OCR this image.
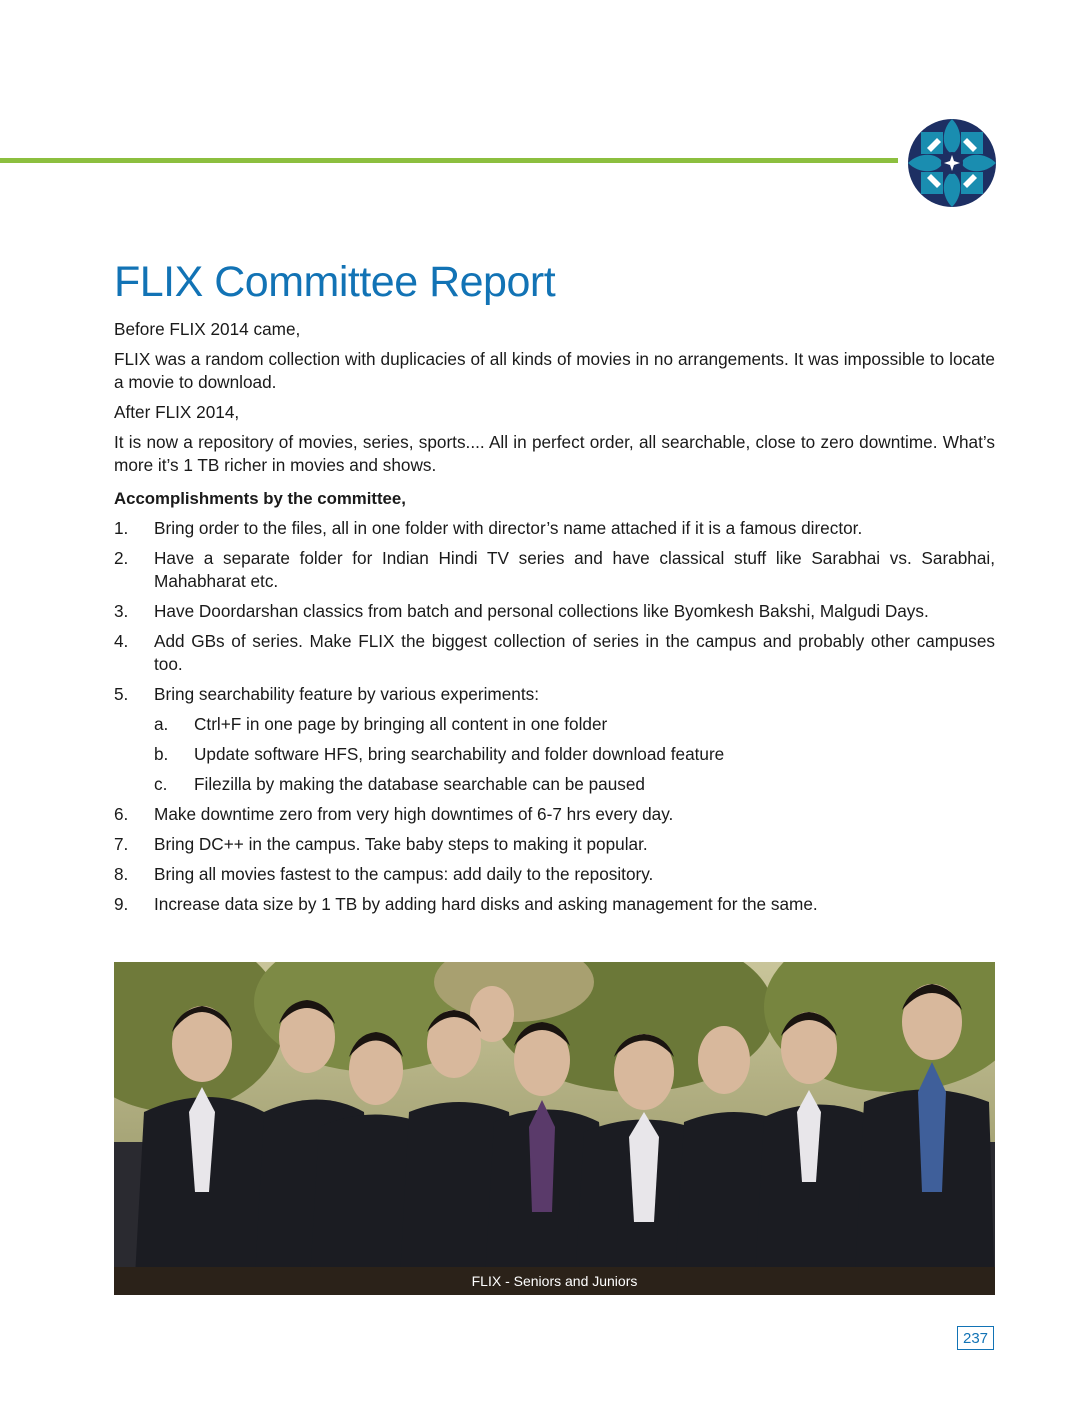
FLIX Committee Report

Before FLIX 2014 came,

FLIX was a random collection with duplicacies of all kinds of movies in no arrangements. It was impossible to locate a movie to download.

After FLIX 2014,

It is now a repository of movies, series, sports.... All in perfect order, all searchable, close to zero downtime. What’s more it’s 1 TB richer in movies and shows.

Accomplishments by the committee,

1. Bring order to the files, all in one folder with director’s name attached if it is a famous director.
2. Have a separate folder for Indian Hindi TV series and have classical stuff like Sarabhai vs. Sarabhai, Mahabharat etc.
3. Have Doordarshan classics from batch and personal collections like Byomkesh Bakshi, Malgudi Days.
4. Add GBs of series. Make FLIX the biggest collection of series in the campus and probably other campuses too.
5. Bring searchability feature by various experiments:
a. Ctrl+F in one page by bringing all content in one folder
b. Update software HFS, bring searchability and folder download feature
c. Filezilla by making the database searchable can be paused
6. Make downtime zero from very high downtimes of 6-7 hrs every day.
7. Bring DC++ in the campus. Take baby steps to making it popular.
8. Bring all movies fastest to the campus: add daily to the repository.
9. Increase data size by 1 TB by adding hard disks and asking management for the same.
FLIX - Seniors and Juniors
237
